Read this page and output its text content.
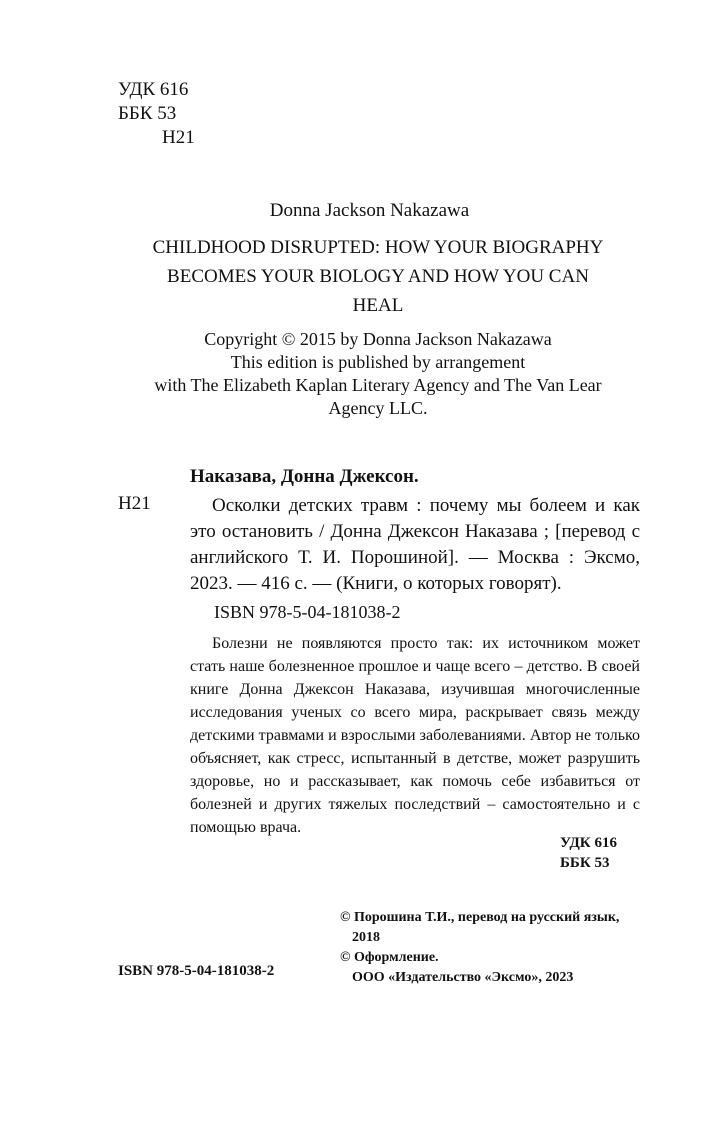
УДК 616
ББК 53
Н21
Donna Jackson Nakazawa
CHILDHOOD DISRUPTED: HOW YOUR BIOGRAPHY
BECOMES YOUR BIOLOGY AND HOW YOU CAN
HEAL
Copyright © 2015 by Donna Jackson Nakazawa
This edition is published by arrangement
with The Elizabeth Kaplan Literary Agency and The Van Lear
Agency LLC.
Наказава, Донна Джексон.
Н21	Осколки детских травм : почему мы болеем и как это остановить / Донна Джексон Наказава ; [перевод с английского Т. И. Порошиной]. — Москва : Эксмо, 2023. — 416 с. — (Книги, о которых говорят).
ISBN 978-5-04-181038-2
Болезни не появляются просто так: их источником может стать наше болезненное прошлое и чаще всего – детство. В своей книге Донна Джексон Наказава, изучившая многочисленные исследования ученых со всего мира, раскрывает связь между детскими травмами и взрослыми заболеваниями. Автор не только объясняет, как стресс, испытанный в детстве, может разрушить здоровье, но и рассказывает, как помочь себе избавиться от болезней и других тяжелых последствий – самостоятельно и с помощью врача.
УДК 616
ББК 53
© Порошина Т.И., перевод на русский язык,
2018
© Оформление.
ООО «Издательство «Эксмо», 2023
ISBN 978-5-04-181038-2
